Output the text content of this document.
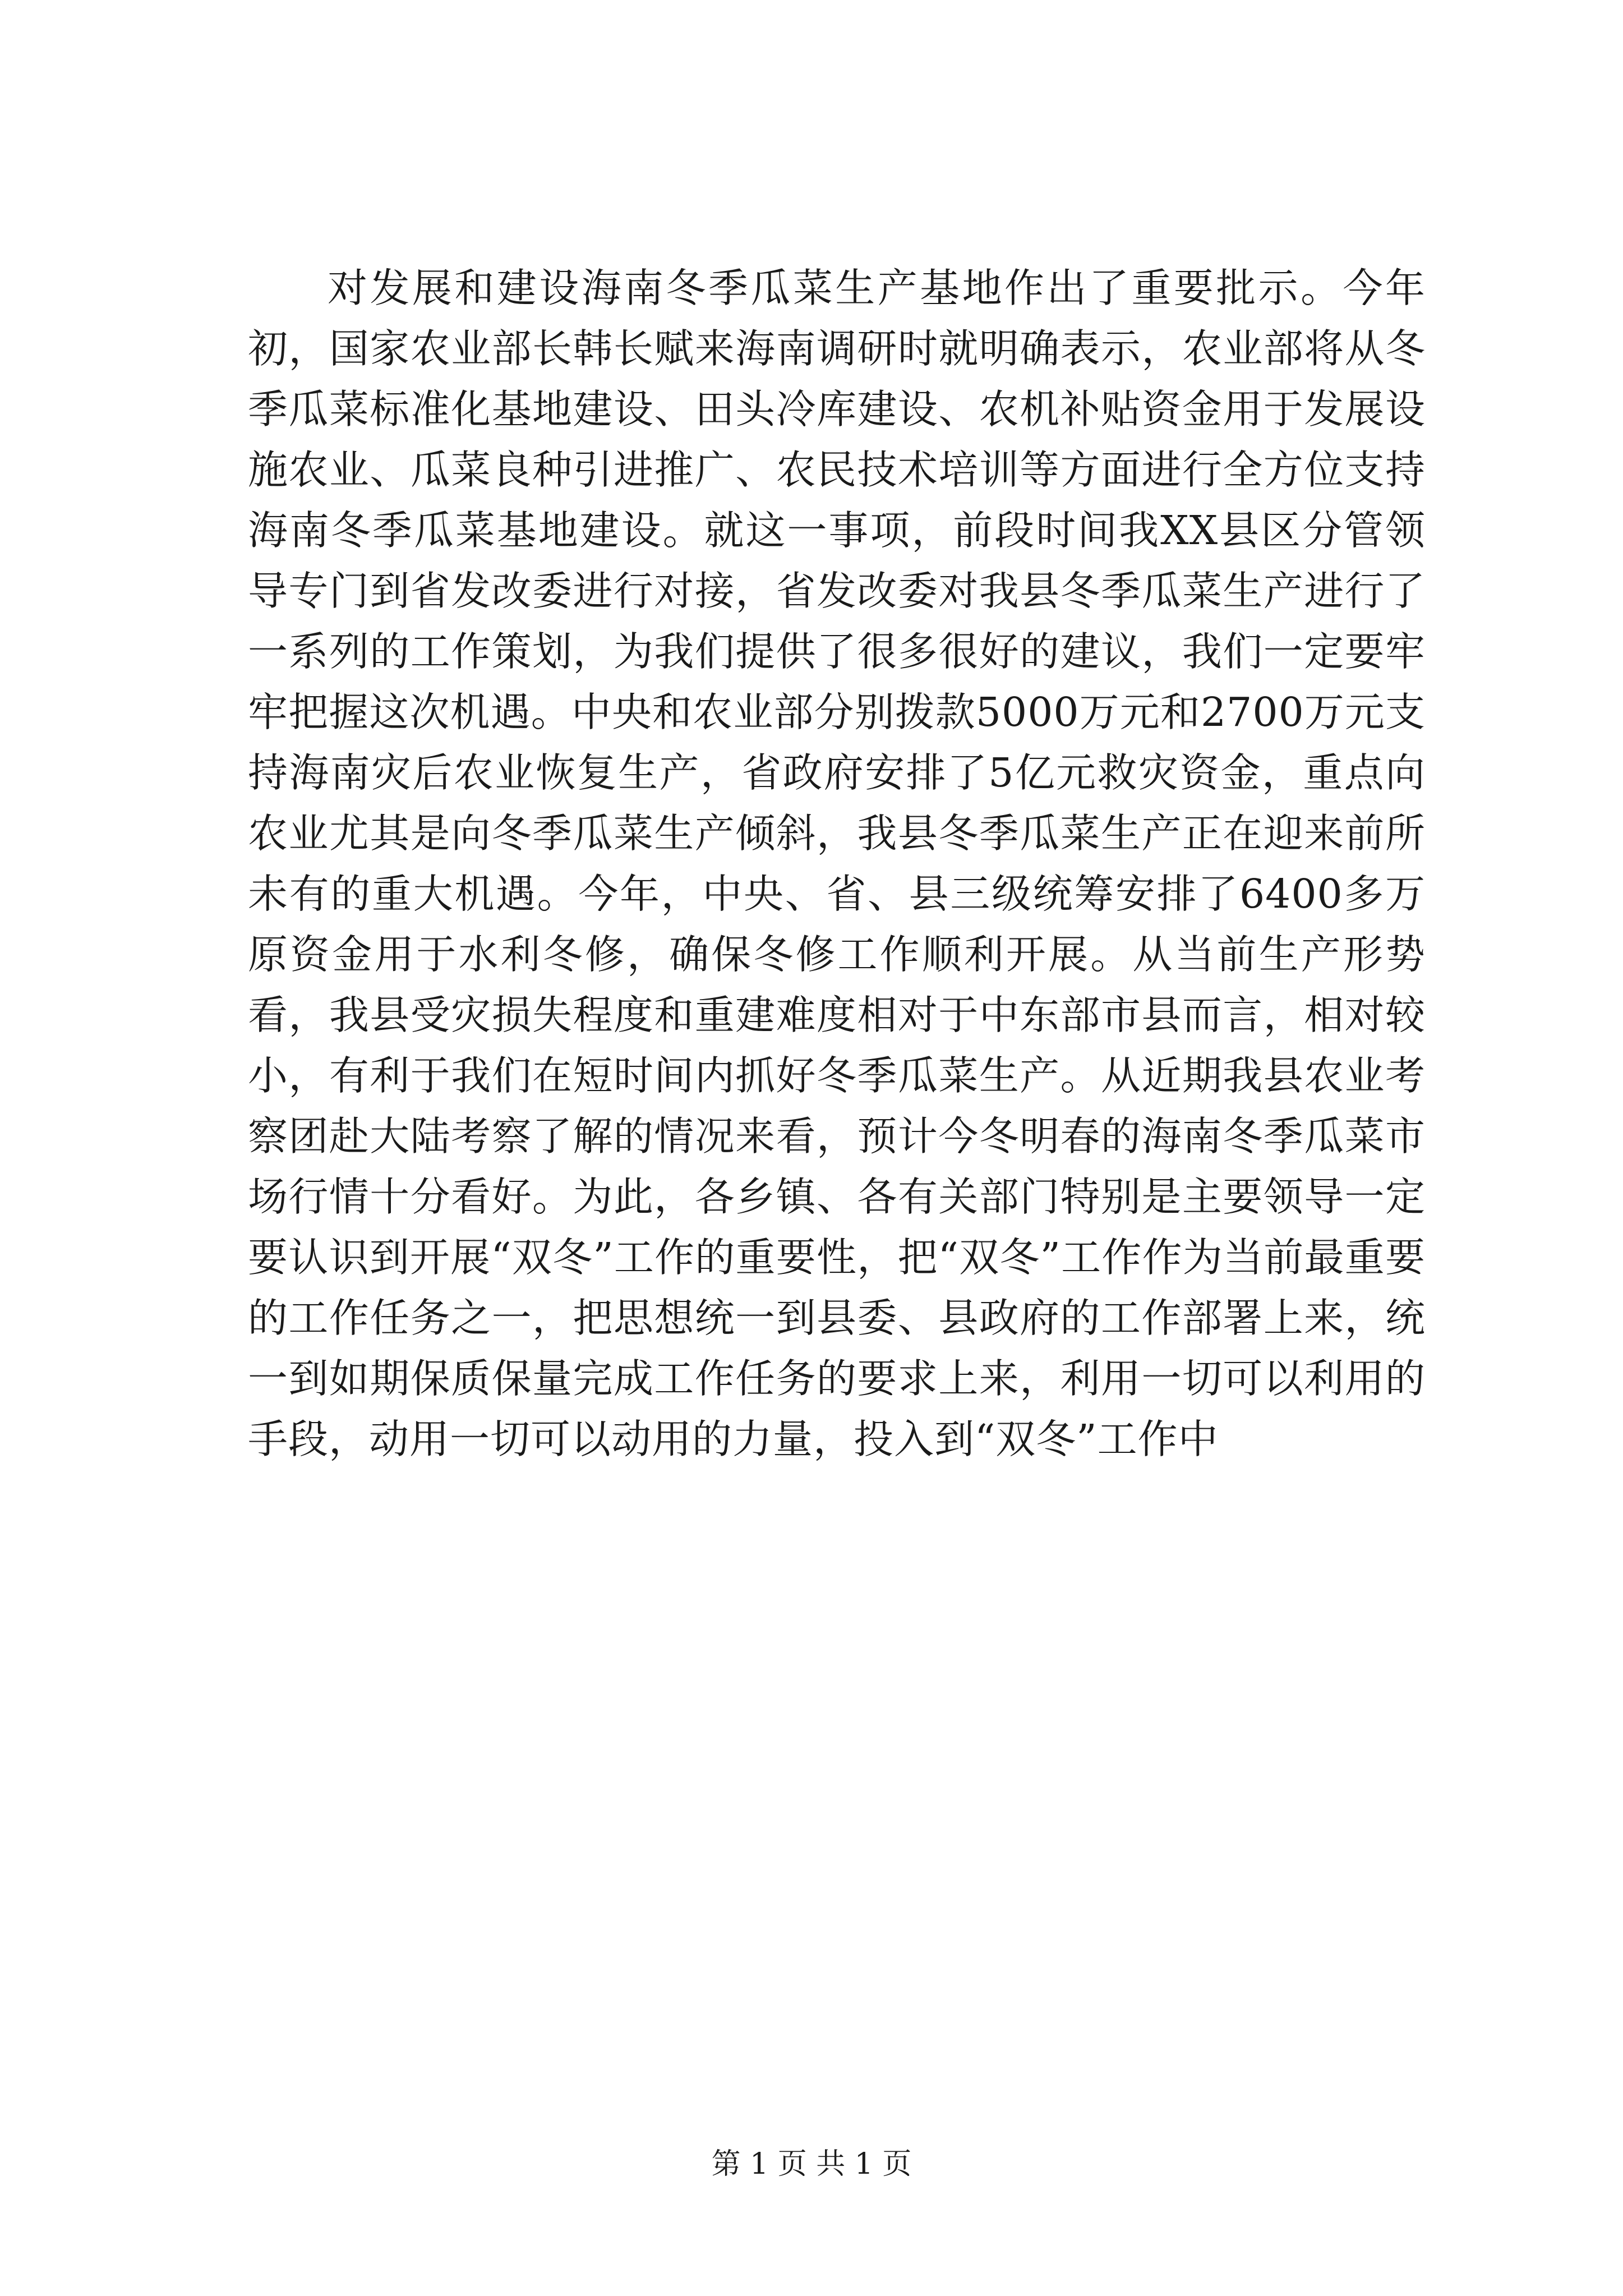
对发展和建设海南冬季瓜菜生产基地作出了重要批示。今年初，国家农业部长韩长赋来海南调研时就明确表示，农业部将从冬季瓜菜标准化基地建设、田头冷库建设、农机补贴资金用于发展设施农业、瓜菜良种引进推广、农民技术培训等方面进行全方位支持海南冬季瓜菜基地建设。就这一事项，前段时间我XX县区分管领导专门到省发改委进行对接，省发改委对我县冬季瓜菜生产进行了一系列的工作策划，为我们提供了很多很好的建议，我们一定要牢牢把握这次机遇。中央和农业部分别拨款5000万元和2700万元支持海南灾后农业恢复生产，省政府安排了5亿元救灾资金，重点向农业尤其是向冬季瓜菜生产倾斜，我县冬季瓜菜生产正在迎来前所未有的重大机遇。今年，中央、省、县三级统筹安排了6400多万原资金用于水利冬修，确保冬修工作顺利开展。从当前生产形势看，我县受灾损失程度和重建难度相对于中东部市县而言，相对较小，有利于我们在短时间内抓好冬季瓜菜生产。从近期我县农业考察团赴大陆考察了解的情况来看，预计今冬明春的海南冬季瓜菜市场行情十分看好。为此，各乡镇、各有关部门特别是主要领导一定要认识到开展“双冬”工作的重要性，把“双冬”工作作为当前最重要的工作任务之一，把思想统一到县委、县政府的工作部署上来，统一到如期保质保量完成工作任务的要求上来，利用一切可以利用的手段，动用一切可以动用的力量，投入到“双冬”工作中

第 1 页 共 1 页
